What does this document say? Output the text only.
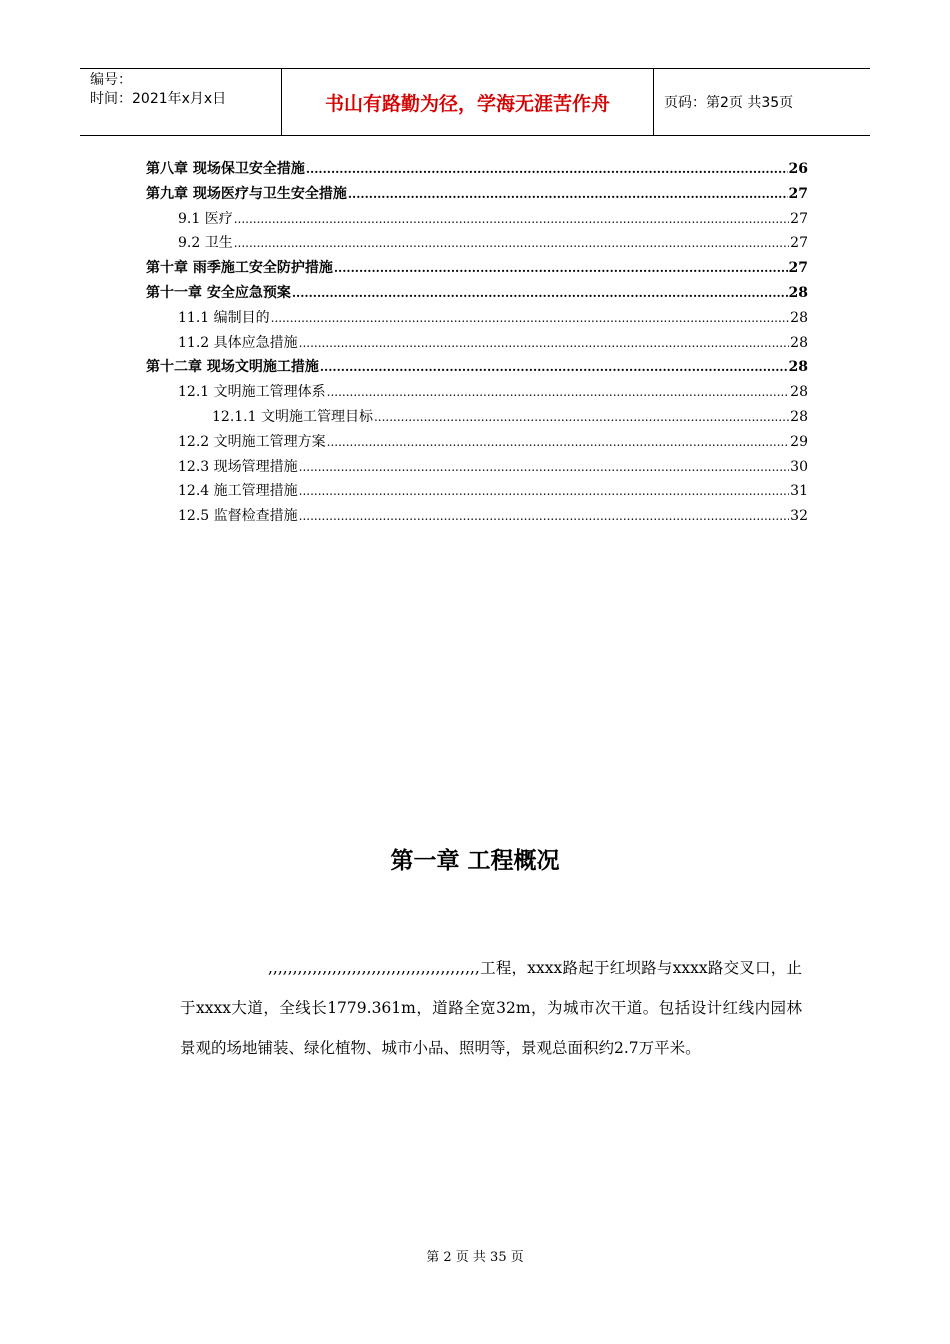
编号：
时间：2021年x月x日	书山有路勤为径，学海无涯苦作舟	页码：第2页 共35页
第八章 现场保卫安全措施 .....	26
第九章 现场医疗与卫生安全措施 .....	27
9.1 医疗 .....	27
9.2 卫生 .....	27
第十章 雨季施工安全防护措施 .....	27
第十一章 安全应急预案 .....	28
11.1 编制目的 .....	28
11.2 具体应急措施 .....	28
第十二章 现场文明施工措施 .....	28
12.1 文明施工管理体系 .....	28
12.1.1 文明施工管理目标 .....	28
12.2 文明施工管理方案 .....	29
12.3 现场管理措施 .....	30
12.4 施工管理措施 .....	31
12.5 监督检查措施 .....	32
第一章 工程概况
,,,,,,,,,,,,,,,,,,,,,,,,,,,,,,,,,,,,,,,,,,,工程，xxxx路起于红坝路与xxxx路交叉口，止于xxxx大道，全线长1779.361m，道路全宽32m，为城市次干道。包括设计红线内园林景观的场地铺装、绿化植物、城市小品、照明等，景观总面积约2.7万平米。
第 2 页 共 35 页
